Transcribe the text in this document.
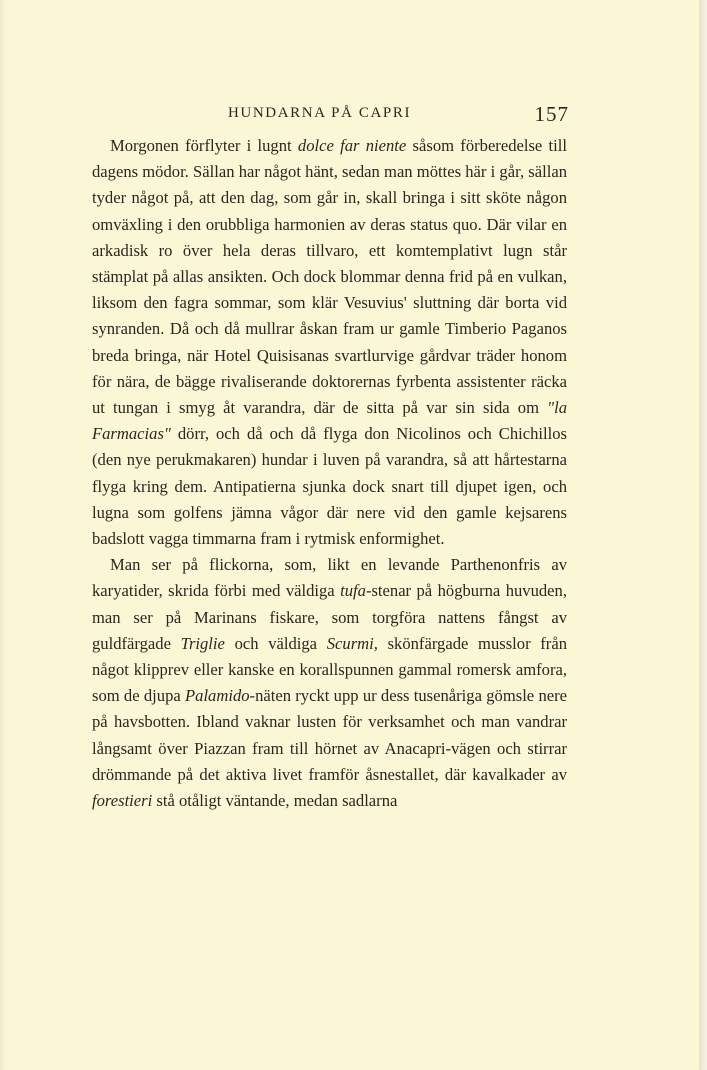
HUNDARNA PÅ CAPRI	157

Morgonen förflyter i lugnt dolce far niente såsom förberedelse till dagens mödor. Sällan har något hänt, sedan man möttes här i går, sällan tyder något på, att den dag, som går in, skall bringa i sitt sköte någon omväxling i den orubbliga harmonien av deras status quo. Där vilar en arkadisk ro över hela deras tillvaro, ett komtemplativt lugn står stämplat på allas ansikten. Och dock blommar denna frid på en vulkan, liksom den fagra sommar, som klär Vesuvius' sluttning där borta vid synranden. Då och då mullrar åskan fram ur gamle Timberio Paganos breda bringa, när Hotel Quisisanas svartlurvige gårdvar träder honom för nära, de bägge rivaliserande doktorernas fyrbenta assistenter räcka ut tungan i smyg åt varandra, där de sitta på var sin sida om "la Farmacias" dörr, och då och då flyga don Nicolinos och Chichillos (den nye perukmakaren) hundar i luven på varandra, så att hårtestarna flyga kring dem. Antipatierna sjunka dock snart till djupet igen, och lugna som golfens jämna vågor där nere vid den gamle kejsarens badslott vagga timmarna fram i rytmisk enformighet.

Man ser på flickorna, som, likt en levande Parthenonfris av karyatider, skrida förbi med väldiga tufa-stenar på högburna huvuden, man ser på Marinans fiskare, som torgföra nattens fångst av guldfärgade Triglie och väldiga Scurmi, skönfärgade musslor från något klipprev eller kanske en korallspunnen gammal romersk amfora, som de djupa Palamido-näten ryckt upp ur dess tusenåriga gömsle nere på havsbotten. Ibland vaknar lusten för verksamhet och man vandrar långsamt över Piazzan fram till hörnet av Anacapri-vägen och stirrar drömmande på det aktiva livet framför åsnestallet, där kavalkader av forestieri stå otåligt väntande, medan sadlarna
